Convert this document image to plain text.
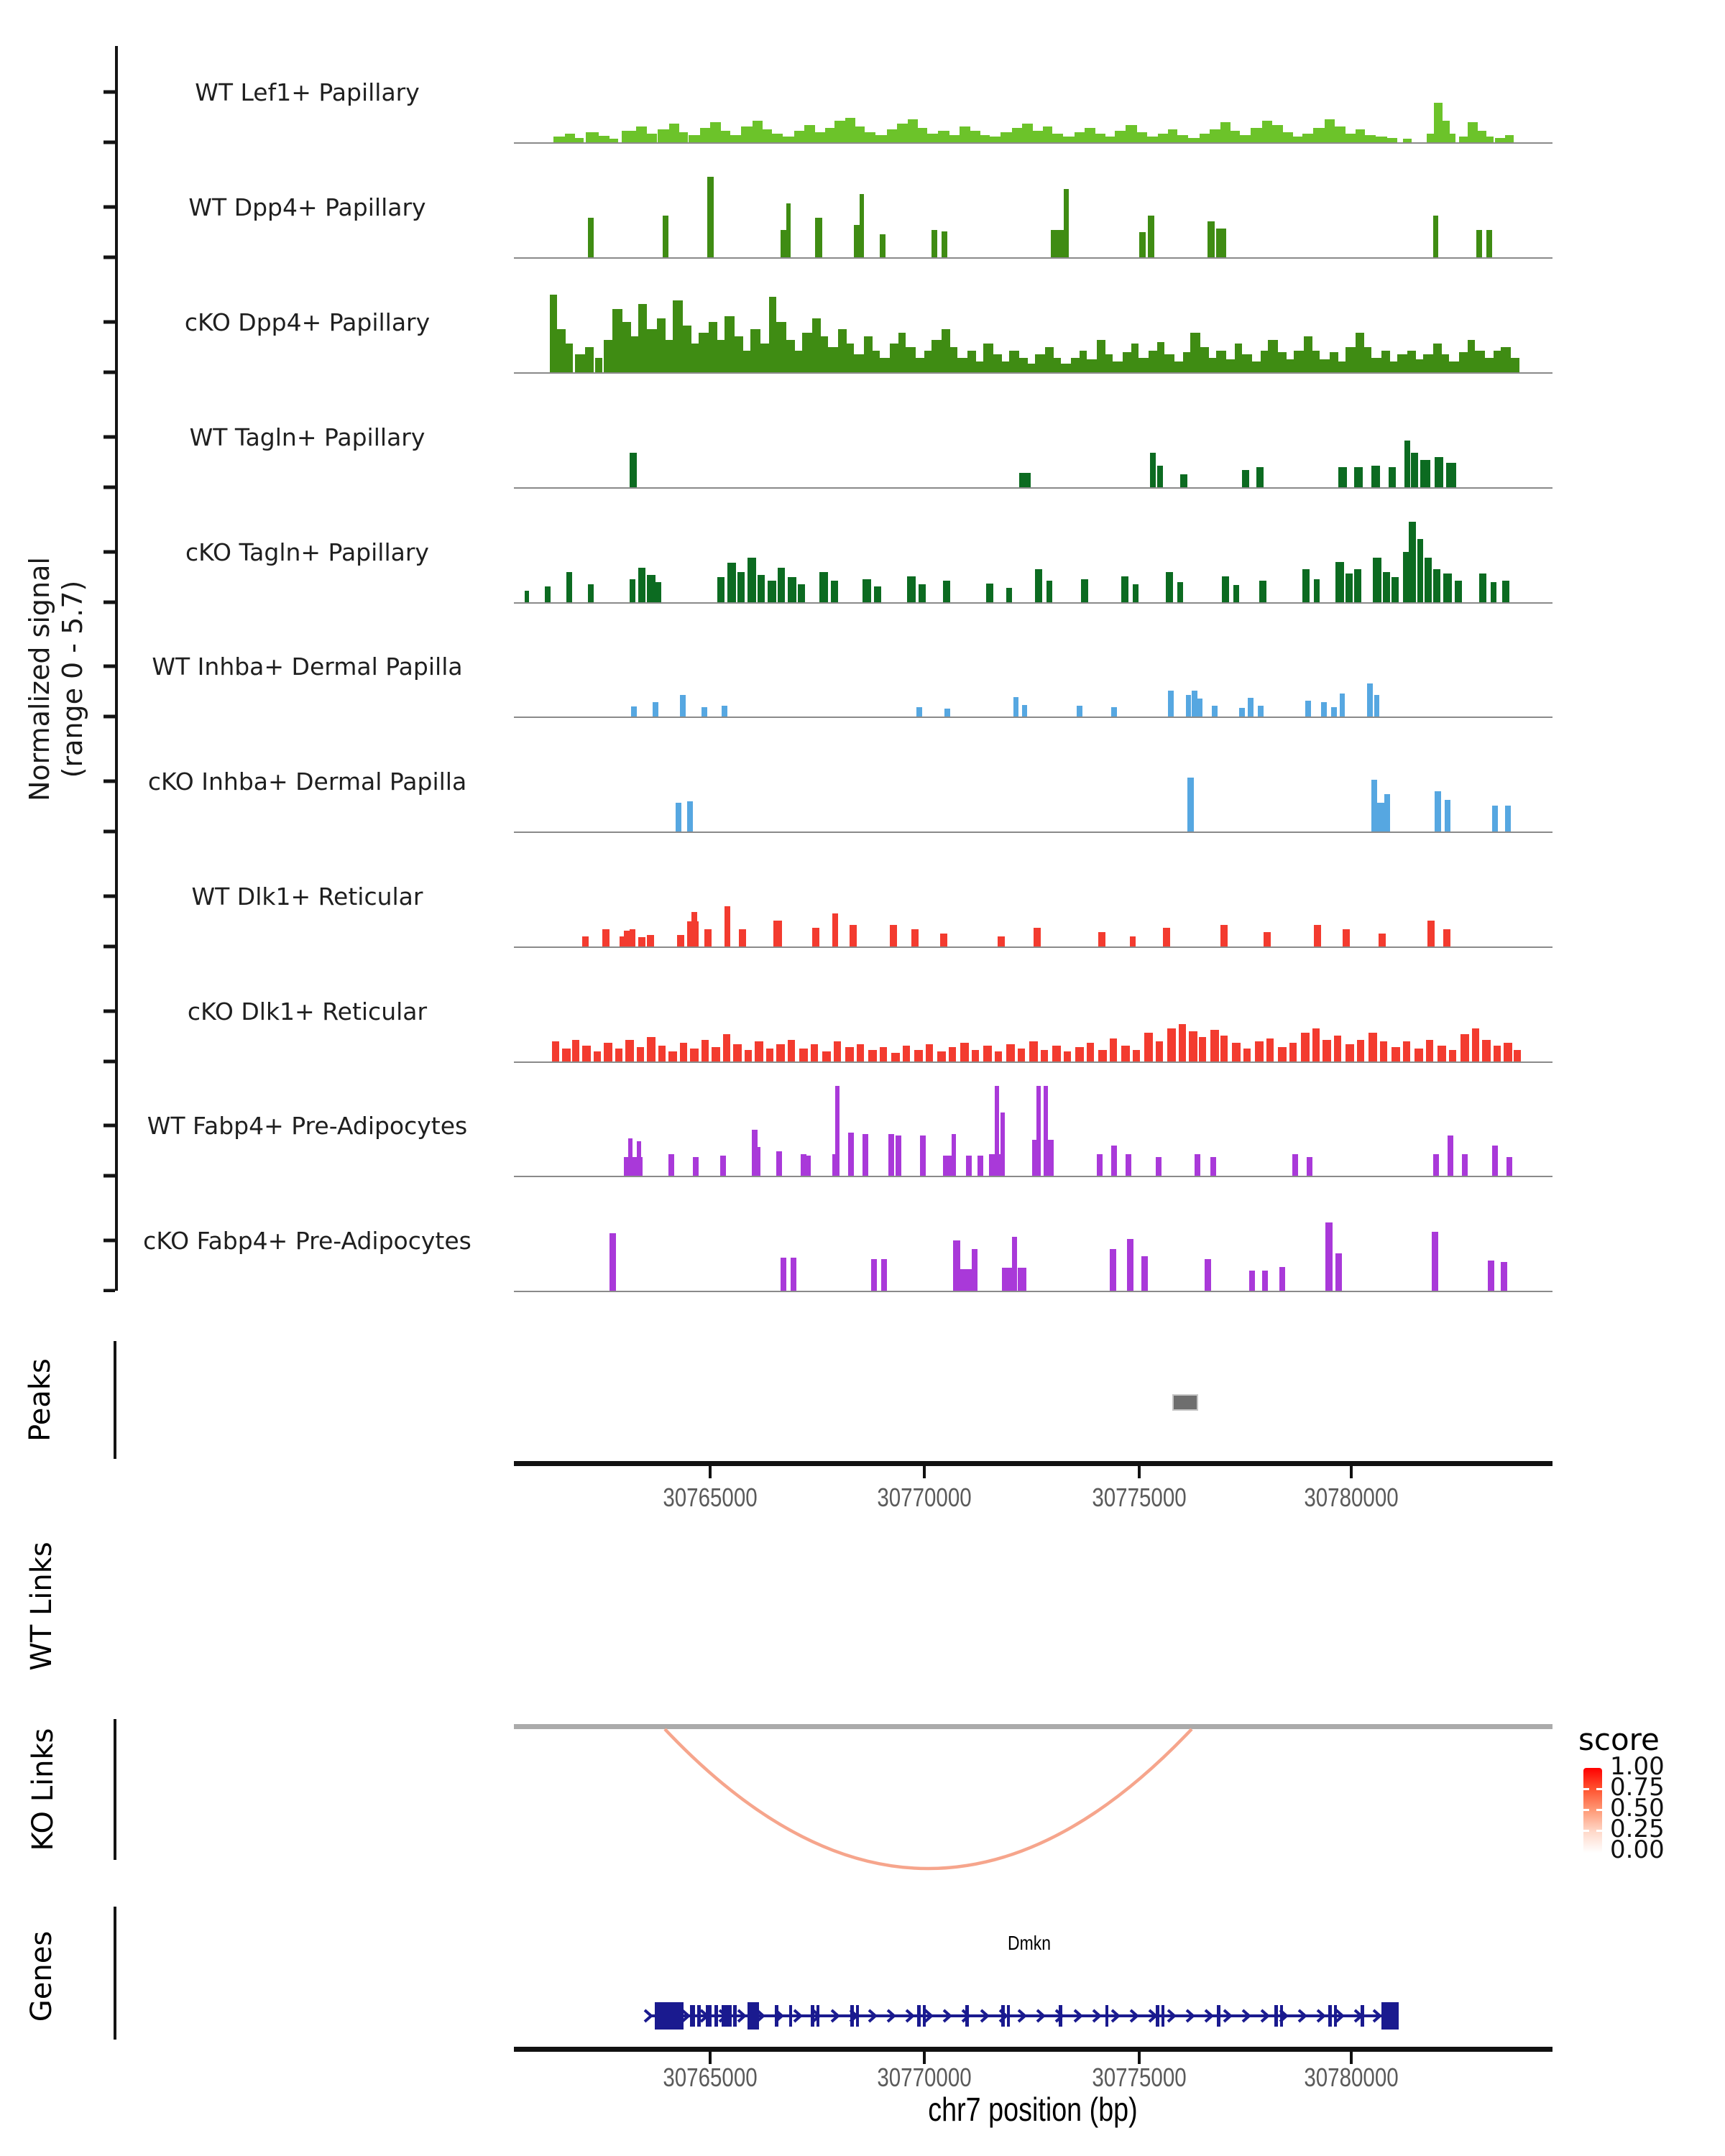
Normalized signal (range 0 - 5.7)
Peaks
WT Links
KO Links
Genes
score
1.00
0.75
0.50
0.25
0.00
Dmkn
chr7 position (bp)
WT Lef1+ Papillary
WT Dpp4+ Papillary
cKO Dpp4+ Papillary
WT Tagln+ Papillary
cKO Tagln+ Papillary
WT Inhba+ Dermal Papilla
cKO Inhba+ Dermal Papilla
WT Dlk1+ Reticular
cKO Dlk1+ Reticular
WT Fabp4+ Pre-Adipocytes
cKO Fabp4+ Pre-Adipocytes
30765000	30770000	30775000	30780000
30765000	30770000	30775000	30780000
